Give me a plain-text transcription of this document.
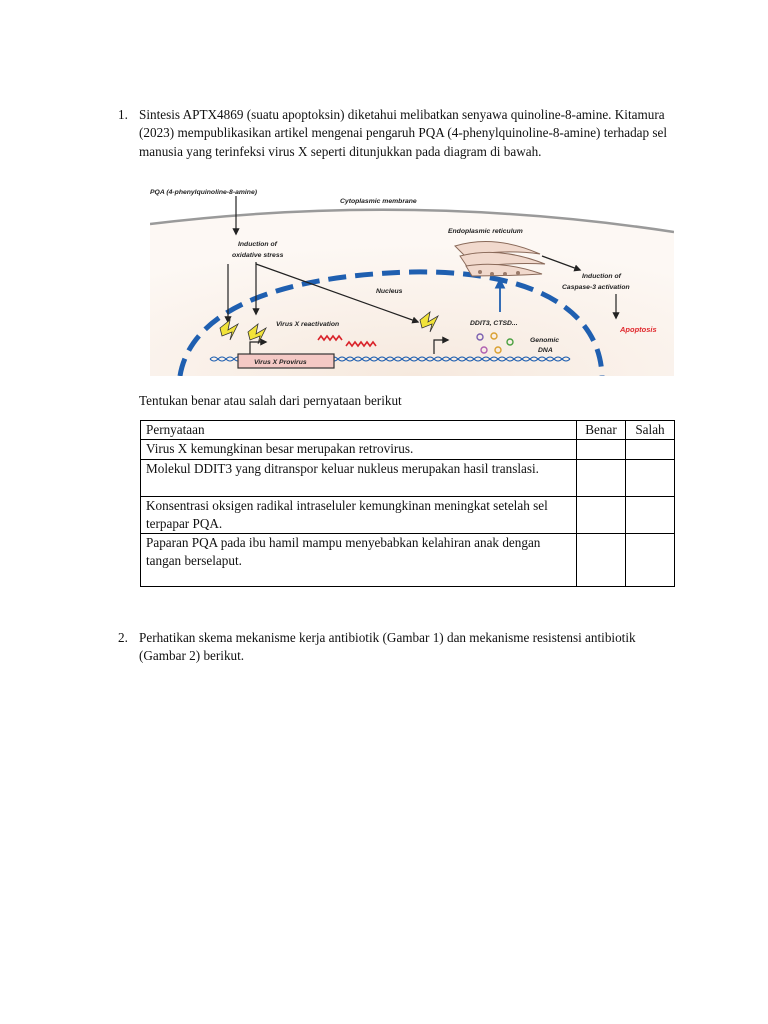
1. Sintesis APTX4869 (suatu apoptoksin) diketahui melibatkan senyawa quinoline-8-amine. Kitamura (2023) mempublikasikan artikel mengenai pengaruh PQA (4-phenylquinoline-8-amine) terhadap sel manusia yang terinfeksi virus X seperti ditunjukkan pada diagram di bawah.
PQA (4-phenylquinoline-8-amine)
Cytoplasmic membrane
Induction of
oxidative stress
Endoplasmic reticulum
Induction of
Caspase-3 activation
Apoptosis
Nucleus
Virus X reactivation	DDIT3, CTSD...
Genomic
DNA
Virus X Provirus
Tentukan benar atau salah dari pernyataan berikut
Pernyataan	Benar	Salah
Virus X kemungkinan besar merupakan retrovirus.		
Molekul DDIT3 yang ditranspor keluar nukleus merupakan hasil translasi.		
Konsentrasi oksigen radikal intraseluler kemungkinan meningkat setelah sel terpapar PQA.		
Paparan PQA pada ibu hamil mampu menyebabkan kelahiran anak dengan tangan berselaput.		
2. Perhatikan skema mekanisme kerja antibiotik (Gambar 1) dan mekanisme resistensi antibiotik (Gambar 2) berikut.
